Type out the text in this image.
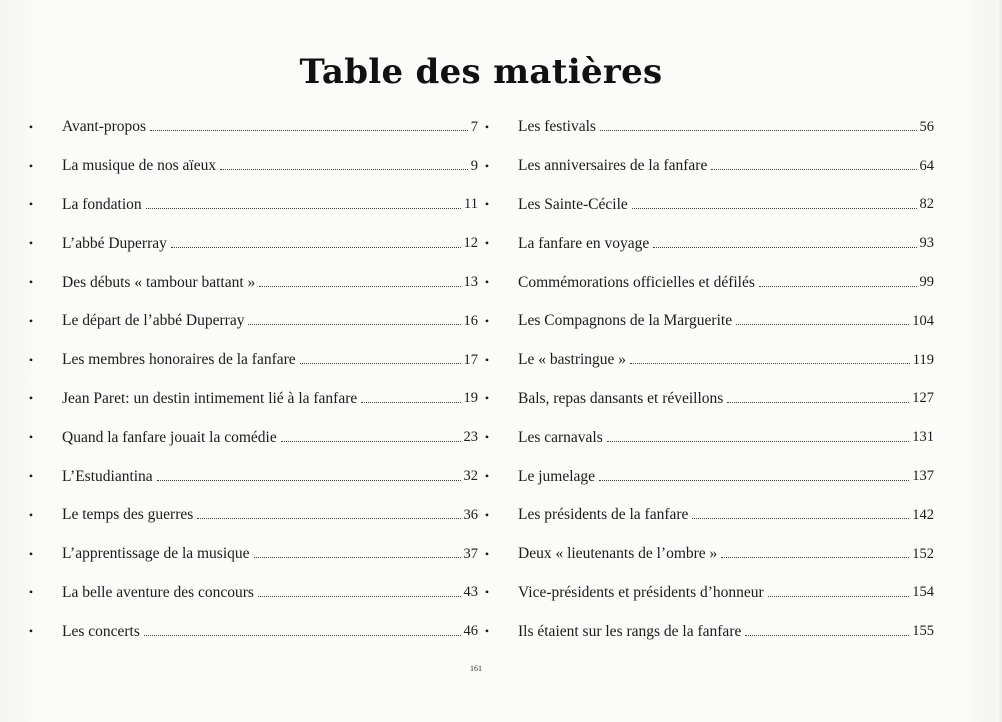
Table des matières
• Avant-propos	7
• La musique de nos aïeux	9
• La fondation	11
• L’abbé Duperray	12
• Des débuts « tambour battant »	13
• Le départ de l’abbé Duperray	16
• Les membres honoraires de la fanfare	17
• Jean Paret: un destin intimement lié à la fanfare	19
• Quand la fanfare jouait la comédie	23
• L’Estudiantina	32
• Le temps des guerres	36
• L’apprentissage de la musique	37
• La belle aventure des concours	43
• Les concerts	46
• Les festivals	56
• Les anniversaires de la fanfare	64
• Les Sainte-Cécile	82
• La fanfare en voyage	93
• Commémorations officielles et défilés	99
• Les Compagnons de la Marguerite	104
• Le « bastringue »	119
• Bals, repas dansants et réveillons	127
• Les carnavals	131
• Le jumelage	137
• Les présidents de la fanfare	142
• Deux « lieutenants de l’ombre »	152
• Vice-présidents et présidents d’honneur	154
• Ils étaient sur les rangs de la fanfare	155
161
